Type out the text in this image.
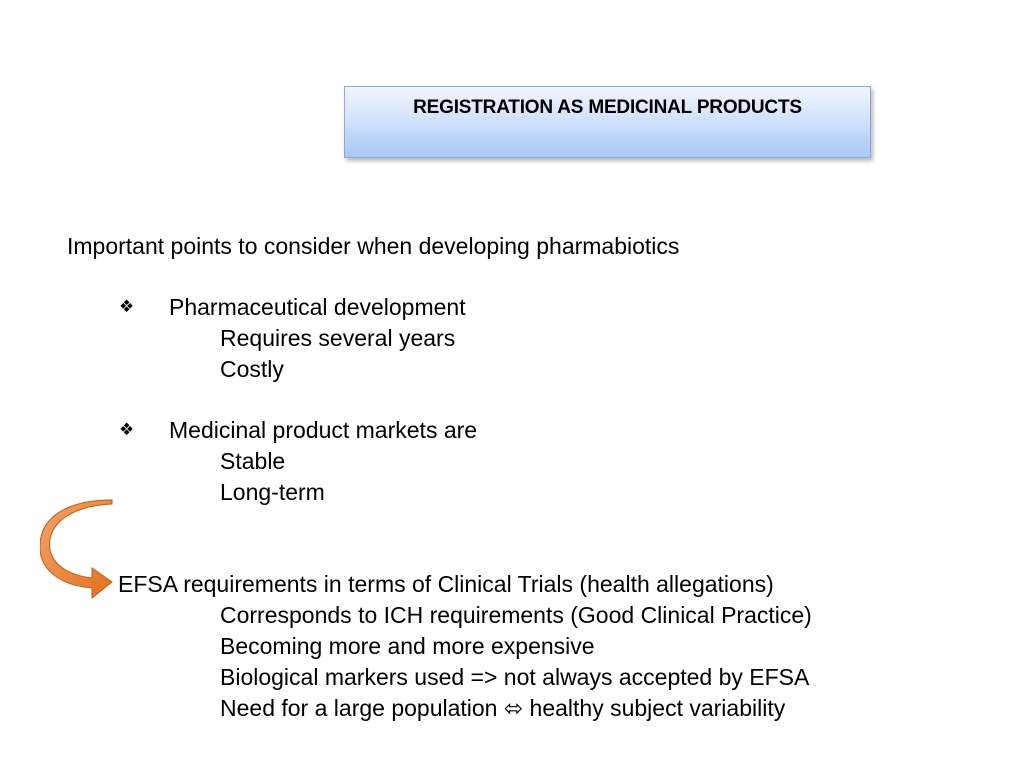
REGISTRATION AS MEDICINAL PRODUCTS
Important points to consider when developing pharmabiotics
❖ Pharmaceutical development
Requires several years
Costly
❖ Medicinal product markets are
Stable
Long-term
EFSA requirements in terms of Clinical Trials (health allegations)
Corresponds to ICH requirements (Good Clinical Practice)
Becoming more and more expensive
Biological markers used => not always accepted by EFSA
Need for a large population ⬄ healthy subject variability
